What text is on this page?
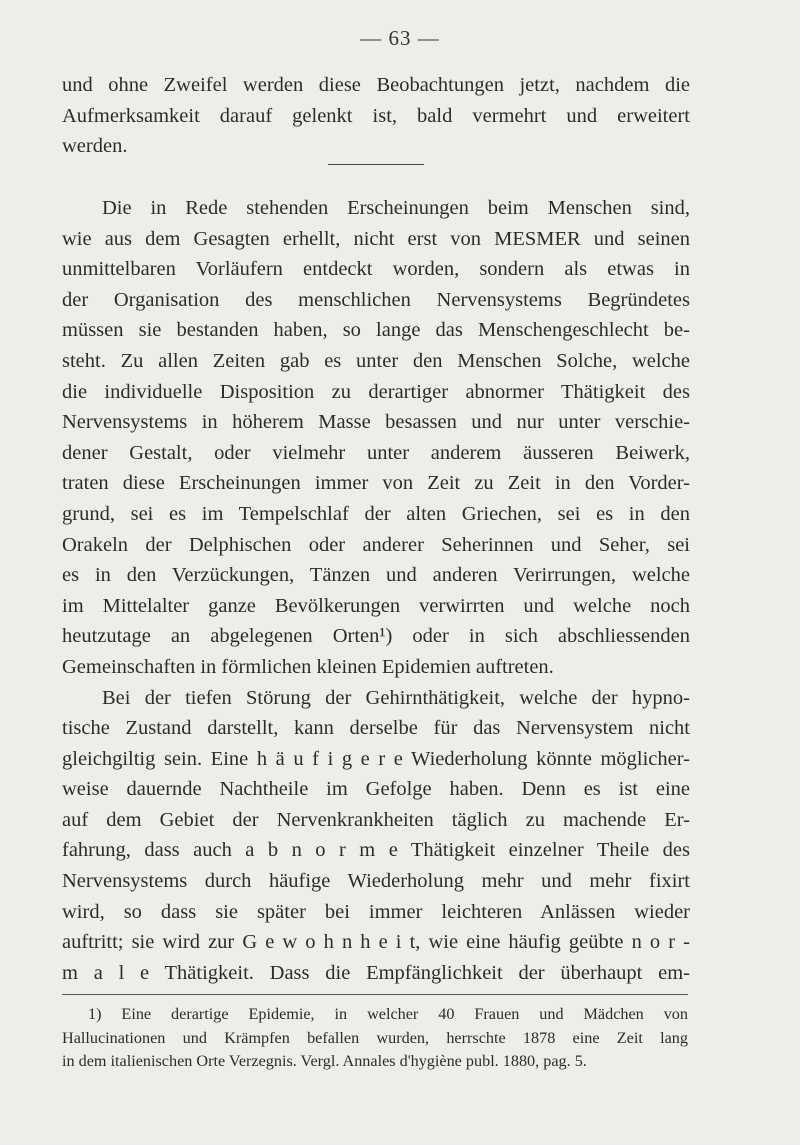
— 63 —
und ohne Zweifel werden diese Beobachtungen jetzt, nachdem die
Aufmerksamkeit darauf gelenkt ist, bald vermehrt und erweitert
werden.
Die in Rede stehenden Erscheinungen beim Menschen sind,
wie aus dem Gesagten erhellt, nicht erst von MESMER und seinen
unmittelbaren Vorläufern entdeckt worden, sondern als etwas in
der Organisation des menschlichen Nervensystems Begründetes
müssen sie bestanden haben, so lange das Menschengeschlecht be-
steht. Zu allen Zeiten gab es unter den Menschen Solche, welche
die individuelle Disposition zu derartiger abnormer Thätigkeit des
Nervensystems in höherem Masse besassen und nur unter verschie-
dener Gestalt, oder vielmehr unter anderem äusseren Beiwerk,
traten diese Erscheinungen immer von Zeit zu Zeit in den Vorder-
grund, sei es im Tempelschlaf der alten Griechen, sei es in den
Orakeln der Delphischen oder anderer Seherinnen und Seher, sei
es in den Verzückungen, Tänzen und anderen Verirrungen, welche
im Mittelalter ganze Bevölkerungen verwirrten und welche noch
heutzutage an abgelegenen Orten¹) oder in sich abschliessenden
Gemeinschaften in förmlichen kleinen Epidemien auftreten.
Bei der tiefen Störung der Gehirnthätigkeit, welche der hypno-
tische Zustand darstellt, kann derselbe für das Nervensystem nicht
gleichgiltig sein. Eine h ä u f i g e r e Wiederholung könnte möglicher-
weise dauernde Nachtheile im Gefolge haben. Denn es ist eine
auf dem Gebiet der Nervenkrankheiten täglich zu machende Er-
fahrung, dass auch a b n o r m e Thätigkeit einzelner Theile des
Nervensystems durch häufige Wiederholung mehr und mehr fixirt
wird, so dass sie später bei immer leichteren Anlässen wieder
auftritt; sie wird zur G e w o h n h e i t, wie eine häufig geübte n o r -
m a l e Thätigkeit. Dass die Empfänglichkeit der überhaupt em-
1) Eine derartige Epidemie, in welcher 40 Frauen und Mädchen von
Hallucinationen und Krämpfen befallen wurden, herrschte 1878 eine Zeit lang
in dem italienischen Orte Verzegnis. Vergl. Annales d'hygiène publ. 1880, pag. 5.
